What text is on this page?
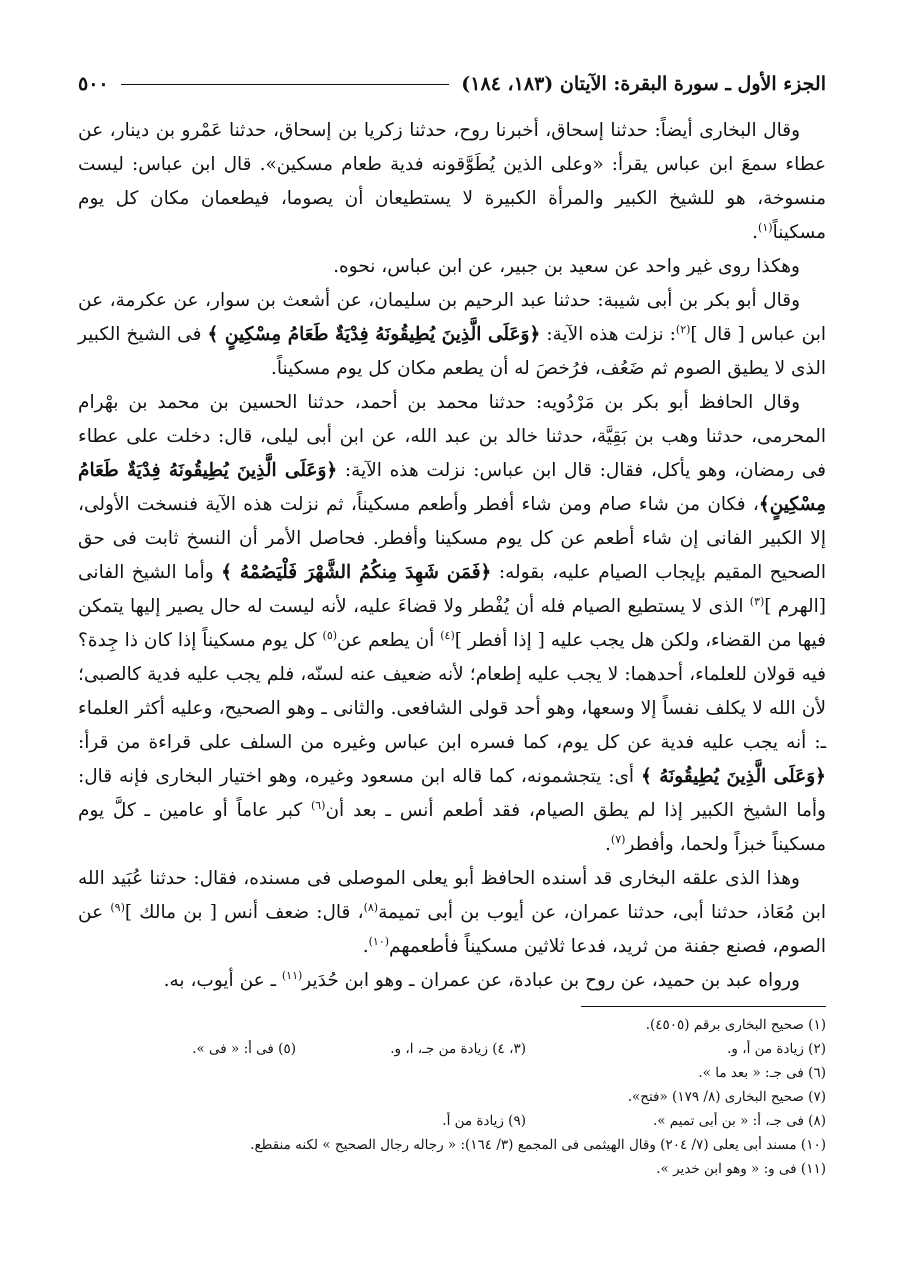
الجزء الأول ـ سورة البقرة: الآيتان (١٨٣، ١٨٤)
٥٠٠

وقال البخارى أيضاً: حدثنا إسحاق، أخبرنا روح، حدثنا زكريا بن إسحاق، حدثنا عَمْرو بن دينار، عن عطاء سمعَ ابن عباس يقرأ: «وعلى الذين يُطَوَّقونه فدية طعام مسكين». قال ابن عباس: ليست منسوخة، هو للشيخ الكبير والمرأة الكبيرة لا يستطيعان أن يصوما، فيطعمان مكان كل يوم مسكيناً$^{(١)}$.

وهكذا روى غير واحد عن سعيد بن جبير، عن ابن عباس، نحوه.

وقال أبو بكر بن أبى شيبة: حدثنا عبد الرحيم بن سليمان، عن أشعث بن سوار، عن عكرمة، عن ابن عباس [ قال ]$^{(٢)}$: نزلت هذه الآية: ﴿وَعَلَى الَّذِينَ يُطِيقُونَهُ فِدْيَةٌ طَعَامُ مِسْكِينٍ ﴾ فى الشيخ الكبير الذى لا يطيق الصوم ثم ضَعُف، فرُخصَ له أن يطعم مكان كل يوم مسكيناً.

وقال الحافظ أبو بكر بن مَرْدُويه: حدثنا محمد بن أحمد، حدثنا الحسين بن محمد بن بهْرام المحرمى، حدثنا وهب بن بَقِيَّة، حدثنا خالد بن عبد الله، عن ابن أبى ليلى، قال: دخلت على عطاء فى رمضان، وهو يأكل، فقال: قال ابن عباس: نزلت هذه الآية: ﴿وَعَلَى الَّذِينَ يُطِيقُونَهُ فِدْيَةٌ طَعَامُ مِسْكِينٍ﴾، فكان من شاء صام ومن شاء أفطر وأطعم مسكيناً، ثم نزلت هذه الآية فنسخت الأولى، إلا الكبير الفانى إن شاء أطعم عن كل يوم مسكينا وأفطر. فحاصل الأمر أن النسخ ثابت فى حق الصحيح المقيم بإيجاب الصيام عليه، بقوله: ﴿فَمَن شَهِدَ مِنكُمُ الشَّهْرَ فَلْيَصُمْهُ ﴾ وأما الشيخ الفانى [الهرم ]$^{(٣)}$ الذى لا يستطيع الصيام فله أن يُفْطر ولا قضاءَ عليه، لأنه ليست له حال يصير إليها يتمكن فيها من القضاء، ولكن هل يجب عليه [ إذا أفطر ]$^{(٤)}$ أن يطعم عن$^{(٥)}$ كل يوم مسكيناً إذا كان ذا جِدة؟ فيه قولان للعلماء، أحدهما: لا يجب عليه إطعام؛ لأنه ضعيف عنه لسنّه، فلم يجب عليه فدية كالصبى؛ لأن الله لا يكلف نفساً إلا وسعها، وهو أحد قولى الشافعى. والثانى ـ وهو الصحيح، وعليه أكثر العلماء ـ: أنه يجب عليه فدية عن كل يوم، كما فسره ابن عباس وغيره من السلف على قراءة من قرأ: ﴿وَعَلَى الَّذِينَ يُطِيقُونَهُ ﴾ أى: يتجشمونه، كما قاله ابن مسعود وغيره، وهو اختيار البخارى فإنه قال: وأما الشيخ الكبير إذا لم يطق الصيام، فقد أطعم أنس ـ بعد أن$^{(٦)}$ كبر عاماً أو عامين ـ كلَّ يوم مسكيناً خبزاً ولحما، وأفطر$^{(٧)}$.

وهذا الذى علقه البخارى قد أسنده الحافظ أبو يعلى الموصلى فى مسنده، فقال: حدثنا عُبَيد الله ابن مُعَاذ، حدثنا أبى، حدثنا عمران، عن أيوب بن أبى تميمة$^{(٨)}$، قال: ضعف أنس [ بن مالك ]$^{(٩)}$ عن الصوم، فصنع جفنة من ثريد، فدعا ثلاثين مسكيناً فأطعمهم$^{(١٠)}$.

ورواه عبد بن حميد، عن روح بن عبادة، عن عمران ـ وهو ابن حُدَير$^{(١١)}$ ـ عن أيوب، به.

(١) صحيح البخارى برقم (٤٥٠٥).
(٢) زيادة من أ، و.
(٣، ٤) زيادة من جـ، ا، و.
(٥) فى أ: « فى ».
(٦) فى جـ: « بعد ما ».
(٧) صحيح البخارى (٨/ ١٧٩) «فتح».
(٨) فى جـ، أ: « بن أبى تميم ».
(٩) زيادة من أ.
(١٠) مسند أبى يعلى (٧/ ٢٠٤) وقال الهيثمى فى المجمع (٣/ ١٦٤): « رجاله رجال الصحيح » لكنه منقطع.
(١١) فى و: « وهو ابن خدير ».
